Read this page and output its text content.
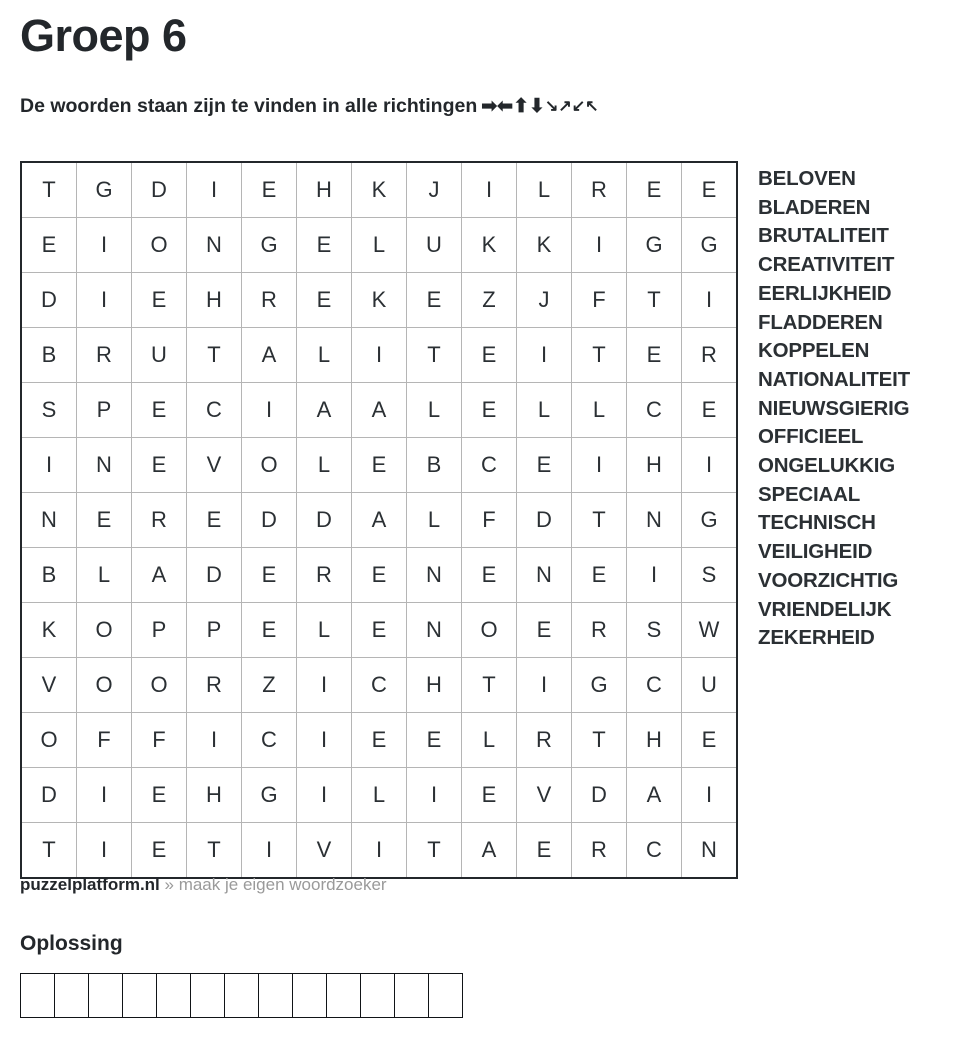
Groep 6
De woorden staan zijn te vinden in alle richtingen ➡⬅⬆⬇↘↗↙↖
T	G	D	I	E	H	K	J	I	L	R	E	E
E	I	O	N	G	E	L	U	K	K	I	G	G
D	I	E	H	R	E	K	E	Z	J	F	T	I
B	R	U	T	A	L	I	T	E	I	T	E	R
S	P	E	C	I	A	A	L	E	L	L	C	E
I	N	E	V	O	L	E	B	C	E	I	H	I
N	E	R	E	D	D	A	L	F	D	T	N	G
B	L	A	D	E	R	E	N	E	N	E	I	S
K	O	P	P	E	L	E	N	O	E	R	S	W
V	O	O	R	Z	I	C	H	T	I	G	C	U
O	F	F	I	C	I	E	E	L	R	T	H	E
D	I	E	H	G	I	L	I	E	V	D	A	I
T	I	E	T	I	V	I	T	A	E	R	C	N
BELOVEN
BLADEREN
BRUTALITEIT
CREATIVITEIT
EERLIJKHEID
FLADDEREN
KOPPELEN
NATIONALITEIT
NIEUWSGIERIG
OFFICIEEL
ONGELUKKIG
SPECIAAL
TECHNISCH
VEILIGHEID
VOORZICHTIG
VRIENDELIJK
ZEKERHEID
puzzelplatform.nl » maak je eigen woordzoeker
Oplossing
